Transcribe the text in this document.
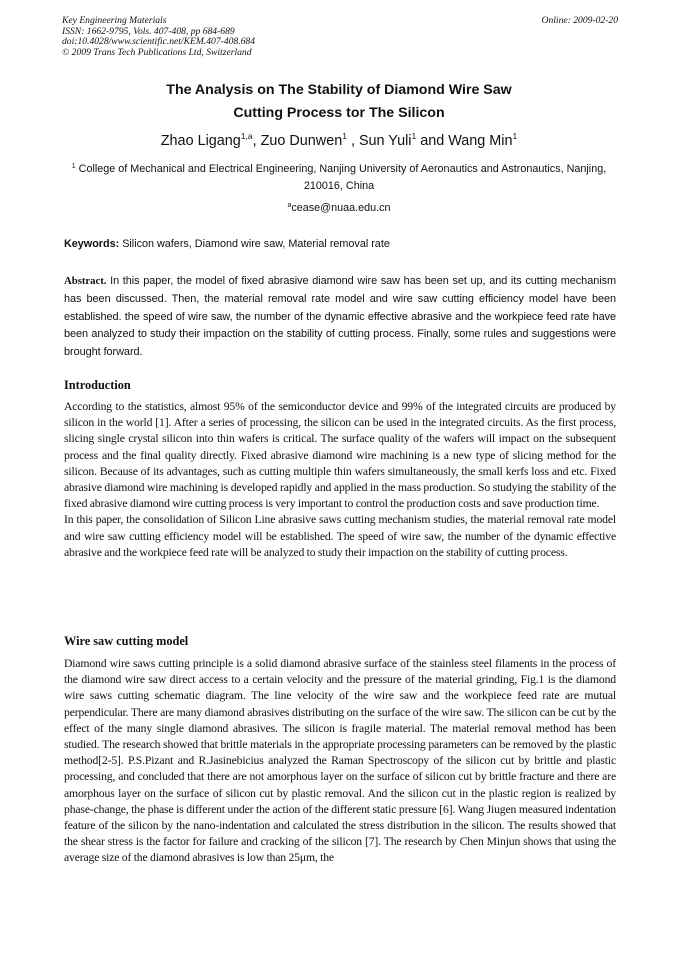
Key Engineering Materials
ISSN: 1662-9795, Vols. 407-408, pp 684-689
doi:10.4028/www.scientific.net/KEM.407-408.684
© 2009 Trans Tech Publications Ltd, Switzerland
Online: 2009-02-20
The Analysis on The Stability of Diamond Wire Saw
Cutting Process tor The Silicon
Zhao Ligang$^{1,a}$, Zuo Dunwen$^1$ , Sun Yuli$^1$ and Wang Min$^1$
$^1$ College of Mechanical and Electrical Engineering, Nanjing University of Aeronautics and Astronautics, Nanjing, 210016, China
$^a$cease@nuaa.edu.cn
Keywords: Silicon wafers, Diamond wire saw, Material removal rate
Abstract. In this paper, the model of fixed abrasive diamond wire saw has been set up, and its cutting mechanism has been discussed. Then, the material removal rate model and wire saw cutting efficiency model have been established. the speed of wire saw, the number of the dynamic effective abrasive and the workpiece feed rate have been analyzed to study their impaction on the stability of cutting process. Finally, some rules and suggestions were brought forward.
Introduction

According to the statistics, almost 95% of the semiconductor device and 99% of the integrated circuits are produced by silicon in the world [1]. After a series of processing, the silicon can be used in the integrated circuits. As the first process, slicing single crystal silicon into thin wafers is critical. The surface quality of the wafers will impact on the subsequent process and the final quality directly. Fixed abrasive diamond wire machining is a new type of slicing method for the silicon. Because of its advantages, such as cutting multiple thin wafers simultaneously, the small kerfs loss and etc. Fixed abrasive diamond wire machining is developed rapidly and applied in the mass production. So studying the stability of the fixed abrasive diamond wire cutting process is very important to control the production costs and save production time.

In this paper, the consolidation of Silicon Line abrasive saws cutting mechanism studies, the material removal rate model and wire saw cutting efficiency model will be established. The speed of wire saw, the number of the dynamic effective abrasive and the workpiece feed rate will be analyzed to study their impaction on the stability of cutting process.

Wire saw cutting model

Diamond wire saws cutting principle is a solid diamond abrasive surface of the stainless steel filaments in the process of the diamond wire saw direct access to a certain velocity and the pressure of the material grinding, Fig.1 is the diamond wire saws cutting schematic diagram. The line velocity of the wire saw and the workpiece feed rate are mutual perpendicular. There are many diamond abrasives distributing on the surface of the wire saw. The silicon can be cut by the effect of the many single diamond abrasives. The silicon is fragile material. The material removal method has been studied. The research showed that brittle materials in the appropriate processing parameters can be removed by the plastic method[2-5]. P.S.Pizant and R.Jasinebicius analyzed the Raman Spectroscopy of the silicon cut by brittle and plastic processing, and concluded that there are not amorphous layer on the surface of silicon cut by brittle fracture and there are amorphous layer on the surface of silicon cut by plastic removal. And the silicon cut in the plastic region is realized by phase-change, the phase is different under the action of the different static pressure [6]. Wang Jiugen measured indentation feature of the silicon by the nano-indentation and calculated the stress distribution in the silicon. The results showed that the shear stress is the factor for failure and cracking of the silicon [7]. The research by Chen Minjun shows that using the average size of the diamond abrasives is low than 25μm, the
